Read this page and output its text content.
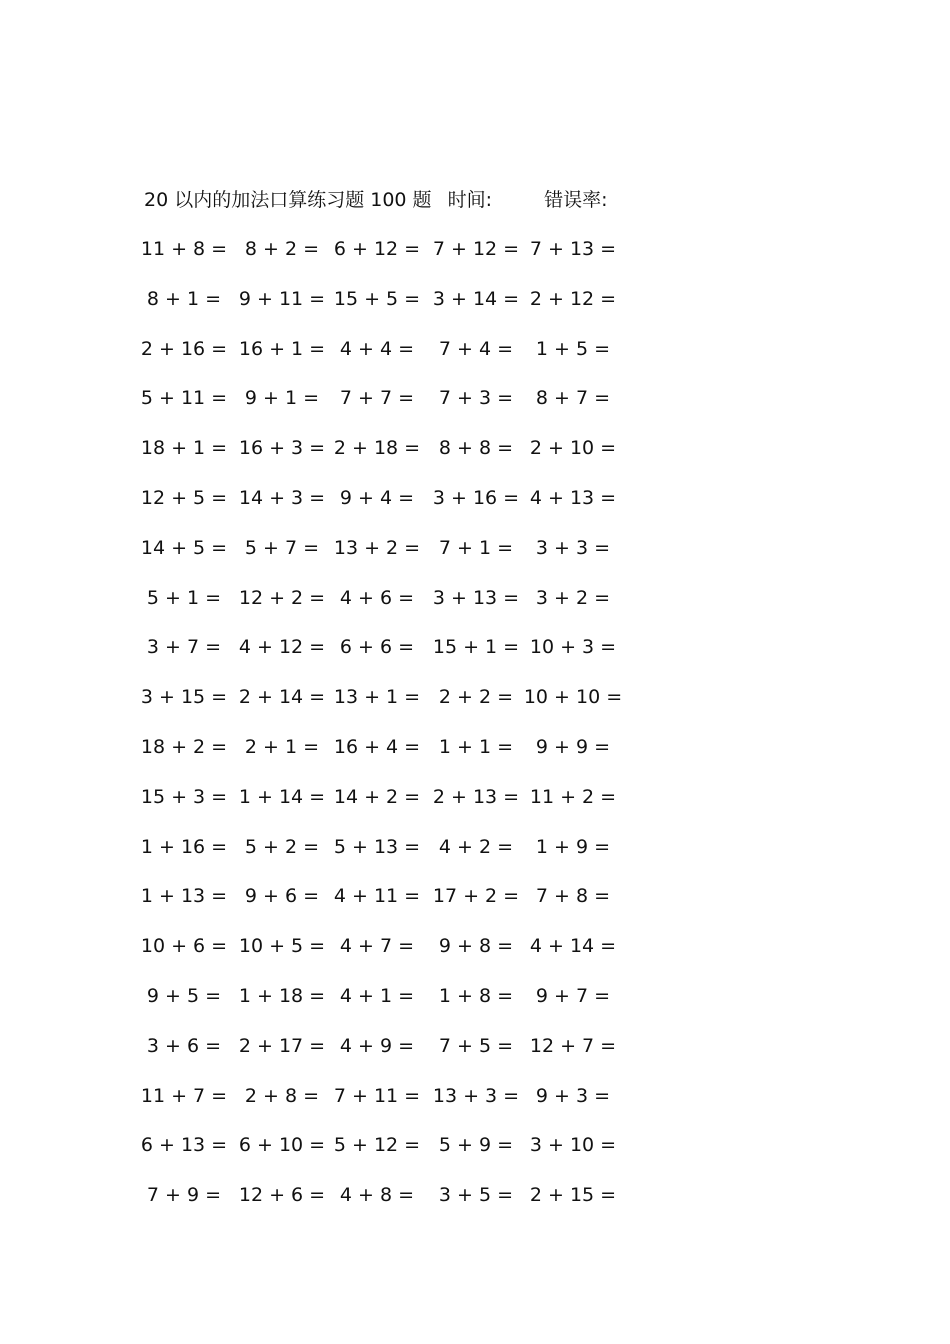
20 以内的加法口算练习题 100 题 时间:	错误率:
11 + 8 = 8 + 2 = 6 + 12 = 7 + 12 = 7 + 13 =
8 + 1 = 9 + 11 = 15 + 5 = 3 + 14 = 2 + 12 =
2 + 16 = 16 + 1 = 4 + 4 = 7 + 4 = 1 + 5 =
5 + 11 = 9 + 1 = 7 + 7 = 7 + 3 = 8 + 7 =
18 + 1 = 16 + 3 = 2 + 18 = 8 + 8 = 2 + 10 =
12 + 5 = 14 + 3 = 9 + 4 = 3 + 16 = 4 + 13 =
14 + 5 = 5 + 7 = 13 + 2 = 7 + 1 = 3 + 3 =
5 + 1 = 12 + 2 = 4 + 6 = 3 + 13 = 3 + 2 =
3 + 7 = 4 + 12 = 6 + 6 = 15 + 1 = 10 + 3 =
3 + 15 = 2 + 14 = 13 + 1 = 2 + 2 = 10 + 10 =
18 + 2 = 2 + 1 = 16 + 4 = 1 + 1 = 9 + 9 =
15 + 3 = 1 + 14 = 14 + 2 = 2 + 13 = 11 + 2 =
1 + 16 = 5 + 2 = 5 + 13 = 4 + 2 = 1 + 9 =
1 + 13 = 9 + 6 = 4 + 11 = 17 + 2 = 7 + 8 =
10 + 6 = 10 + 5 = 4 + 7 = 9 + 8 = 4 + 14 =
9 + 5 = 1 + 18 = 4 + 1 = 1 + 8 = 9 + 7 =
3 + 6 = 2 + 17 = 4 + 9 = 7 + 5 = 12 + 7 =
11 + 7 = 2 + 8 = 7 + 11 = 13 + 3 = 9 + 3 =
6 + 13 = 6 + 10 = 5 + 12 = 5 + 9 = 3 + 10 =
7 + 9 = 12 + 6 = 4 + 8 = 3 + 5 = 2 + 15 =
